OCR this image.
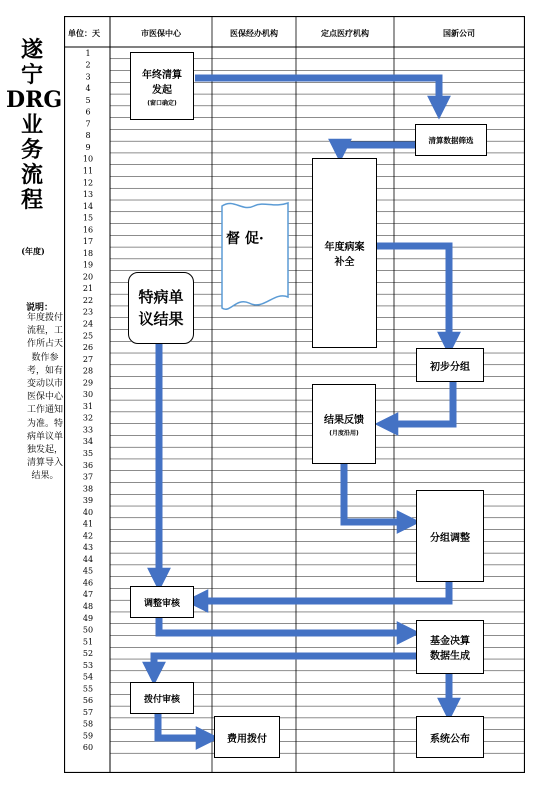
遂
宁
DRG
业
务
流
程
(年度)
说明：
年度拨付流程，工作所占天数作参考，如有变动以市医保中心工作通知为准。特病单议单独发起，清算导入结果。
1
2
3
4
5
6
7
8
9
10
11
12
13
14
15
16
17
18
19
20
21
22
23
24
25
26
27
28
29
30
31
32
33
34
35
36
37
38
39
40
41
42
43
44
45
46
47
48
49
50
51
52
53
54
55
56
57
58
59
60
单位：天	市医保中心	医保经办机构	定点医疗机构	国新公司
年终清算
发起
(窗口确定)
清算数据筛选
年度病案
补全
督 促·
特病单
议结果
初步分组
结果反馈
(月度沿用)
分组调整
调整审核
基金决算
数据生成
拨付审核
费用拨付	系统公布
